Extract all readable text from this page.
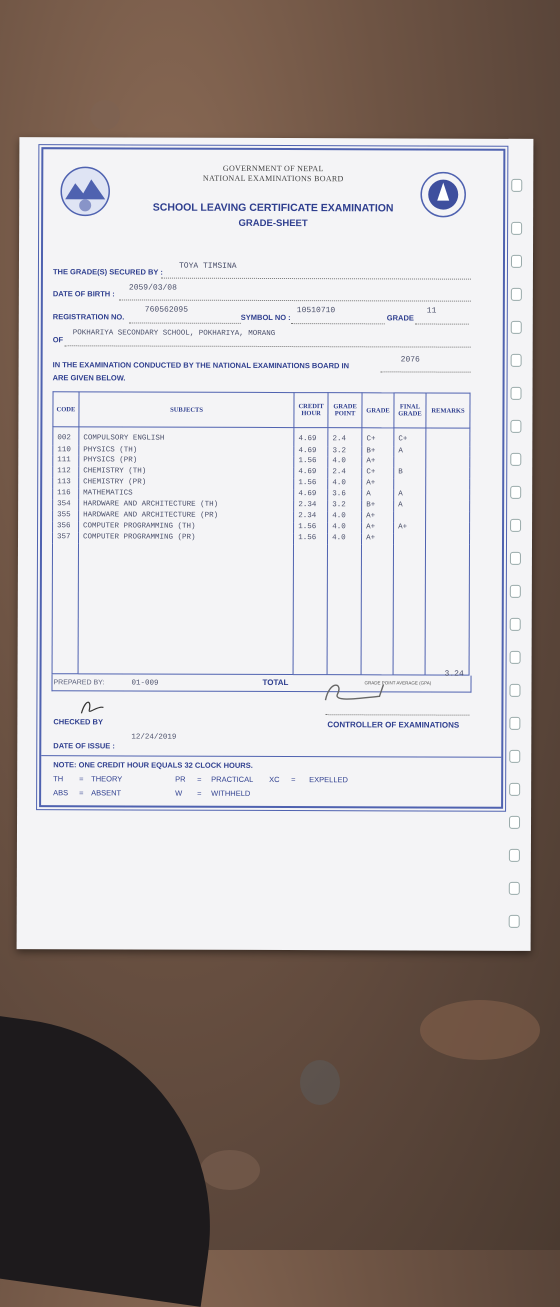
GOVERNMENT OF NEPAL
NATIONAL EXAMINATIONS BOARD
SCHOOL LEAVING CERTIFICATE EXAMINATION
GRADE-SHEET
THE GRADE(S) SECURED BY :
TOYA TIMSINA
DATE OF BIRTH :
2059/03/08
REGISTRATION NO.
760562095
SYMBOL NO :
10510710
GRADE
11
OF
POKHARIYA SECONDARY SCHOOL, POKHARIYA, MORANG
IN THE EXAMINATION CONDUCTED BY THE NATIONAL EXAMINATIONS BOARD IN
2076
ARE GIVEN BELOW.
CODE	SUBJECTS	CREDIT HOUR	GRADE POINT	GRADE	FINAL GRADE	REMARKS
002	COMPULSORY ENGLISH	4.69	2.4	C+	C+	
110	PHYSICS (TH)	4.69	3.2	B+	A	
111	PHYSICS (PR)	1.56	4.0	A+		
112	CHEMISTRY (TH)	4.69	2.4	C+	B	
113	CHEMISTRY (PR)	1.56	4.0	A+		
116	MATHEMATICS	4.69	3.6	A	A	
354	HARDWARE AND ARCHITECTURE (TH)	2.34	3.2	B+	A	
355	HARDWARE AND ARCHITECTURE (PR)	2.34	4.0	A+		
356	COMPUTER PROGRAMMING (TH)	1.56	4.0	A+	A+	
357	COMPUTER PROGRAMMING (PR)	1.56	4.0	A+		

TOTAL	GRADE POINT AVERAGE (GPA)
3.24
PREPARED BY:	01-009
CHECKED BY	CONTROLLER OF EXAMINATIONS
12/24/2019
DATE OF ISSUE :
NOTE: ONE CREDIT HOUR EQUALS 32 CLOCK HOURS.
TH = THEORY	PR = PRACTICAL XC = EXPELLED
ABS = ABSENT	W = WITHHELD
